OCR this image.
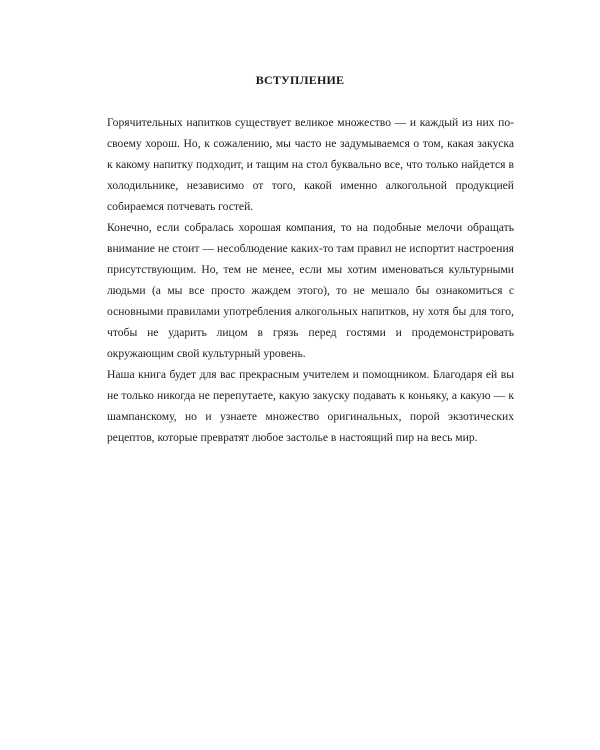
ВСТУПЛЕНИЕ

Горячительных напитков существует великое множество — и каждый из них по-своему хорош. Но, к сожалению, мы часто не задумываемся о том, какая закуска к какому напитку подходит, и тащим на стол буквально все, что только найдется в холодильнике, независимо от того, какой именно алкогольной продукцией собираемся потчевать гостей.

Конечно, если собралась хорошая компания, то на подобные мелочи обращать внимание не стоит — несоблюдение каких-то там правил не испортит настроения присутствующим. Но, тем не менее, если мы хотим именоваться культурными людьми (а мы все просто жаждем этого), то не мешало бы ознакомиться с основными правилами употребления алкогольных напитков, ну хотя бы для того, чтобы не ударить лицом в грязь перед гостями и продемонстрировать окружающим свой культурный уровень.

Наша книга будет для вас прекрасным учителем и помощником. Благодаря ей вы не только никогда не перепутаете, какую закуску подавать к коньяку, а какую — к шампанскому, но и узнаете множество оригинальных, порой экзотических рецептов, которые превратят любое застолье в настоящий пир на весь мир.
